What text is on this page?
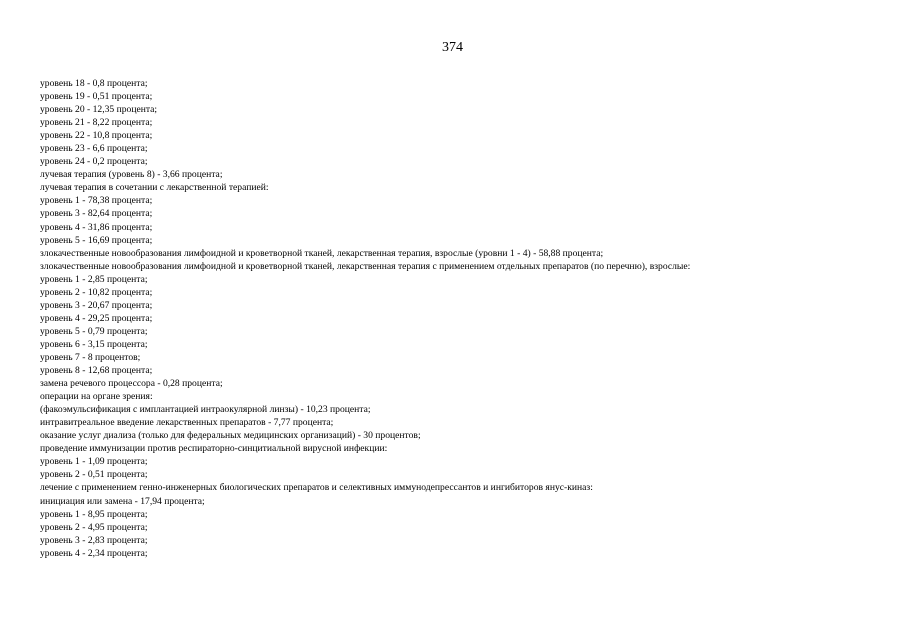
374
уровень 18 - 0,8 процента;
уровень 19 - 0,51 процента;
уровень 20 - 12,35 процента;
уровень 21 - 8,22 процента;
уровень 22 - 10,8 процента;
уровень 23 - 6,6 процента;
уровень 24 - 0,2 процента;
лучевая терапия (уровень 8) - 3,66 процента;
лучевая терапия в сочетании с лекарственной терапией:
уровень 1 - 78,38 процента;
уровень 3 - 82,64 процента;
уровень 4 - 31,86 процента;
уровень 5 - 16,69 процента;
злокачественные новообразования лимфоидной и кроветворной тканей, лекарственная терапия, взрослые (уровни 1 - 4) - 58,88 процента;
злокачественные новообразования лимфоидной и кроветворной тканей, лекарственная терапия с применением отдельных препаратов (по перечню), взрослые:
уровень 1 - 2,85 процента;
уровень 2 - 10,82 процента;
уровень 3 - 20,67 процента;
уровень 4 - 29,25 процента;
уровень 5 - 0,79 процента;
уровень 6 - 3,15 процента;
уровень 7 - 8 процентов;
уровень 8 - 12,68 процента;
замена речевого процессора - 0,28 процента;
операции на органе зрения:
(факоэмульсификация с имплантацией интраокулярной линзы) - 10,23 процента;
интравитреальное введение лекарственных препаратов - 7,77 процента;
оказание услуг диализа (только для федеральных медицинских организаций) - 30 процентов;
проведение иммунизации против респираторно-синцитиальной вирусной инфекции:
уровень 1 - 1,09 процента;
уровень 2 - 0,51 процента;
лечение с применением генно-инженерных биологических препаратов и селективных иммунодепрессантов и ингибиторов янус-киназ:
инициация или замена - 17,94 процента;
уровень 1 - 8,95 процента;
уровень 2 - 4,95 процента;
уровень 3 - 2,83 процента;
уровень 4 - 2,34 процента;
